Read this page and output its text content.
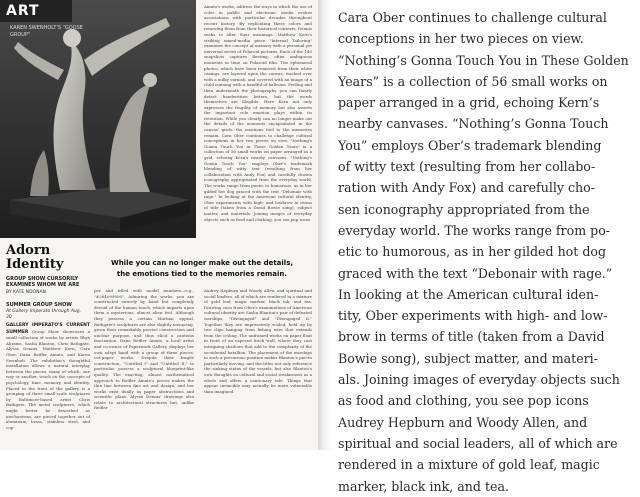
ART
KAREN SWENHOLT'S "GOOSE GROUP"
Adorn Identity
GROUP SHOW CURSORILY EXAMINES WHOM WE ARE
BY KATE NOONAN
SUMMER GROUP SHOW
At Gallery Imperato through Aug. 30
While you can no longer make out the details, the emotions tied to the memories remain.
GALLERY IMPERATO'S CURRENT SUMMER Group Show showcases a small collection of works by artists Rhys Abrams, Sasha Blanton, Chris Bathgate, Alyssa Dennis, Matthew Kern, Cara Ober, Dana Reifler Amato, and Karen Swenholt. The exhibition's thoughtful installation allows a natural interplay between the pieces, many of which, one way or another, touch on the concepts of psychology, time, memory, and identity. Placed in the front of the gallery is a grouping of three small-scale sculptures by Baltimore-based artist Chris Bathgate. The metal sculptures, which might better be described as mechanisms, are pieced together out of aluminum, brass, stainless steel, and cop-
per and titled with model numbers—e.g., "#264099000". Admiring the works, you are constructed entirely by hand but completely devoid of the human touch, which imparts upon them a mysterious, almost alien feel. Although they possess a certain Martian appeal, Bathgate's sculptures are also slightly menacing, given their remarkably precise construction and unclear purpose, and thus elicit a cautious fascination. Dana Reifler Amato, a local artist and co-owner of Paperwork Gallery, displays her own adept hand with a group of three pieces: cut-paper works. Despite their fragile construction, "Untitled I" and "Untitled II," in particular, possess a sculptural blueprint-like quality. The exacting, almost mathematical approach to Reifler Amato's pieces makes the thin line between fine art and design, and her works exist dually as paper abstractions and scientific plans. Alyssa Dennis' drawings also relate to architectural structures but, unlike Reifler
Amato's works, address the ways in which the use of color in public and electronic media evokes associations with particular decades throughout recent history. By replicating these colors and removing them from their historical contexts, Dennis seeks to alter their meanings. Matthew Kern's striking mixed-media piece "Internal Tailoring" examines the concept of memory with a personal yet universal series of Polaroid pictures. Each of the 140 snapshots captures fleeting, often ambiguous moments in time on Polaroid film. The ephemeral photos, which have been removed from their white casings, are layered upon the canvas, washed over with a milky varnish, and covered with an image of a child running with a handful of balloons. Peeling and then underneath the photographs, you can faintly detect handwritten letters, but the words themselves are illegible. Here Kern not only expresses the fragility of memory but also asserts the important role emotion plays within its retention. While you clearly can no longer make out the details of the moments encapsulated in the canvas' grids, the emotions tied to the memories remain. Cara Ober continues to challenge cultural conceptions in her two pieces on view. "Nothing's Gonna Touch You in These Golden Years" is a collection of 56 small works on paper arranged in a grid, echoing Kern's nearby canvases. "Nothing's Gonna Touch You" employs Ober's trademark blending of witty text (resulting from her collaboration with Andy Fox) and carefully chosen iconography appropriated from the everyday world. The works range from poetic to humorous, as in her gilded hot dog graced with the text "Debonair with rage." In looking at the American cultural identity, Ober experiments with high- and lowbrow in terms of title (taken from a David Bowie song), subject matter, and materials. Joining images of everyday objects such as food and clothing, you see pop icons
Audrey Hepburn and Woody Allen, and spiritual and social leaders, all of which are rendered in a mixture of gold leaf, magic marker, black ink, and tea. Drawing cues from Ober's examinations of American cultural identity are Sasha Blanton's pair of defeated warships, "Disengaged" and "Disengaged II." Together they are impressively scaled, held up by two clips hanging from fishing wire that extends from the ceiling. The unframed works on paper float in front of an exposed brick wall, where they cast intriguing shadows that add to the complexity of the sociidental batallion. The placement of the warships in such a precarious position makes Blanton's pieces particularly moving, and the titles not only reference the sinking status of the vessels, but also Blanton's own thoughts on cultural and social weaknesses as a whole and offers a cautionary tale. Things that appear invincible may actually be more vulnerable than imagined.
Cara Ober continues to challenge cultural
conceptions in her two pieces on view.
“Nothing’s Gonna Touch You in These Golden
Years” is a collection of 56 small works on
paper arranged in a grid, echoing Kern’s
nearby canvases. “Nothing’s Gonna Touch
You” employs Ober’s trademark blending
of witty text (resulting from her collabo-
ration with Andy Fox) and carefully cho-
sen iconography appropriated from the
everyday world. The works range from po-
etic to humorous, as in her gilded hot dog
graced with the text “Debonair with rage.”
In looking at the American cultural iden-
tity, Ober experiments with high- and low-
brow in terms of title (taken from a David
Bowie song), subject matter, and materi-
als. Joining images of everyday objects such
as food and clothing, you see pop icons
Audrey Hepburn and Woody Allen, and
spiritual and social leaders, all of which are
rendered in a mixture of gold leaf, magic
marker, black ink, and tea.
